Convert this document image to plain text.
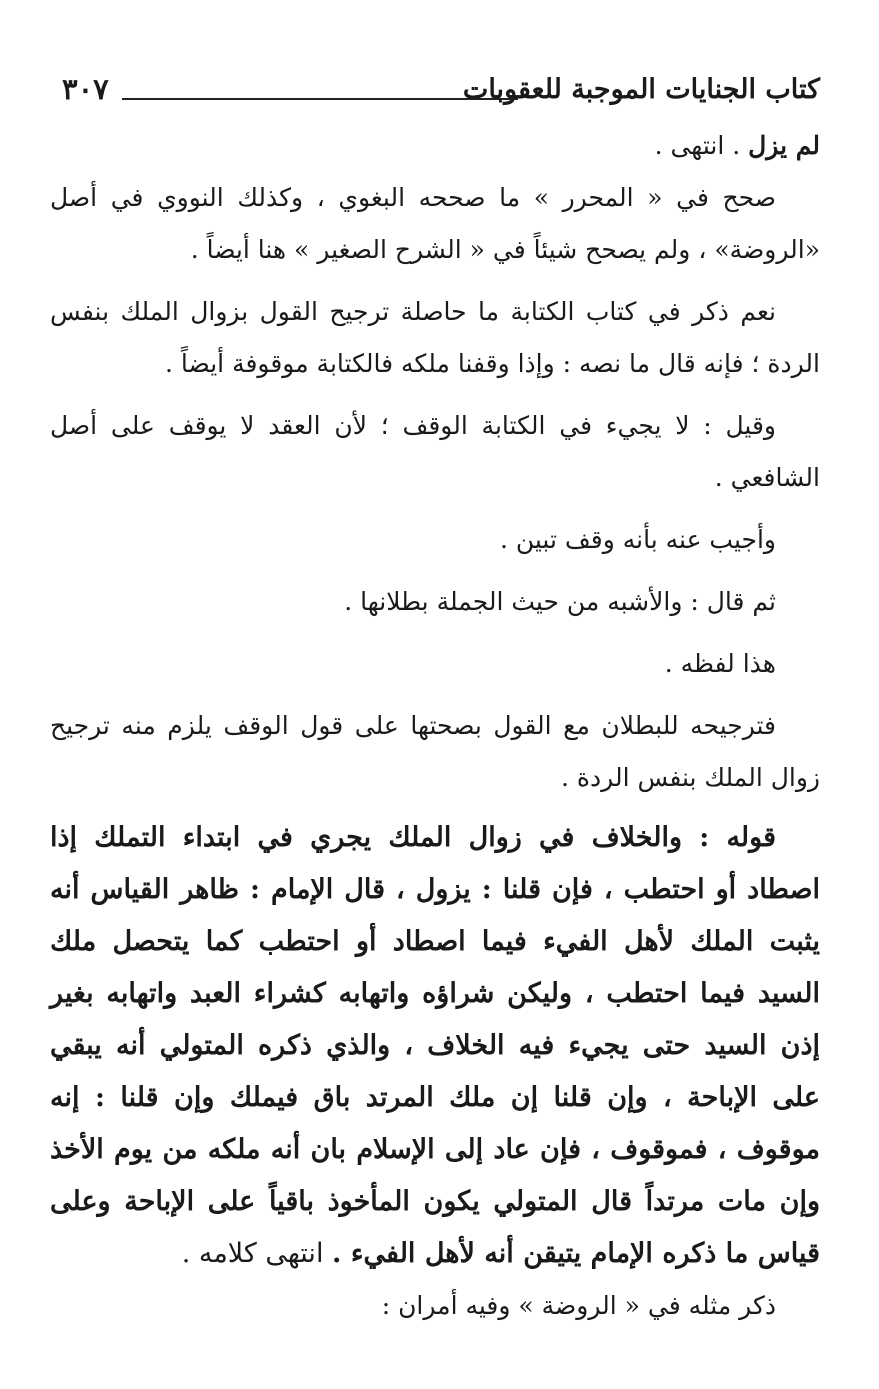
كتاب الجنايات الموجبة للعقوبات
٣٠٧

لم يزل . انتهى .

صحح في « المحرر » ما صححه البغوي ، وكذلك النووي في أصل «الروضة» ، ولم يصحح شيئاً في « الشرح الصغير » هنا أيضاً .

نعم ذكر في كتاب الكتابة ما حاصلة ترجيح القول بزوال الملك بنفس الردة ؛ فإنه قال ما نصه : وإذا وقفنا ملكه فالكتابة موقوفة أيضاً .

وقيل : لا يجيء في الكتابة الوقف ؛ لأن العقد لا يوقف على أصل الشافعي .

وأجيب عنه بأنه وقف تبين .

ثم قال : والأشبه من حيث الجملة بطلانها .

هذا لفظه .

فترجيحه للبطلان مع القول بصحتها على قول الوقف يلزم منه ترجيح زوال الملك بنفس الردة .

قوله : والخلاف في زوال الملك يجري في ابتداء التملك إذا اصطاد أو احتطب ، فإن قلنا : يزول ، قال الإمام : ظاهر القياس أنه يثبت الملك لأهل الفيء فيما اصطاد أو احتطب كما يتحصل ملك السيد فيما احتطب ، وليكن شراؤه واتهابه كشراء العبد واتهابه بغير إذن السيد حتى يجيء فيه الخلاف ، والذي ذكره المتولي أنه يبقي على الإباحة ، وإن قلنا إن ملك المرتد باق فيملك وإن قلنا : إنه موقوف ، فموقوف ، فإن عاد إلى الإسلام بان أنه ملكه من يوم الأخذ وإن مات مرتداً قال المتولي يكون المأخوذ باقياً على الإباحة وعلى قياس ما ذكره الإمام يتيقن أنه لأهل الفيء . انتهى كلامه .

ذكر مثله في « الروضة » وفيه أمران :
